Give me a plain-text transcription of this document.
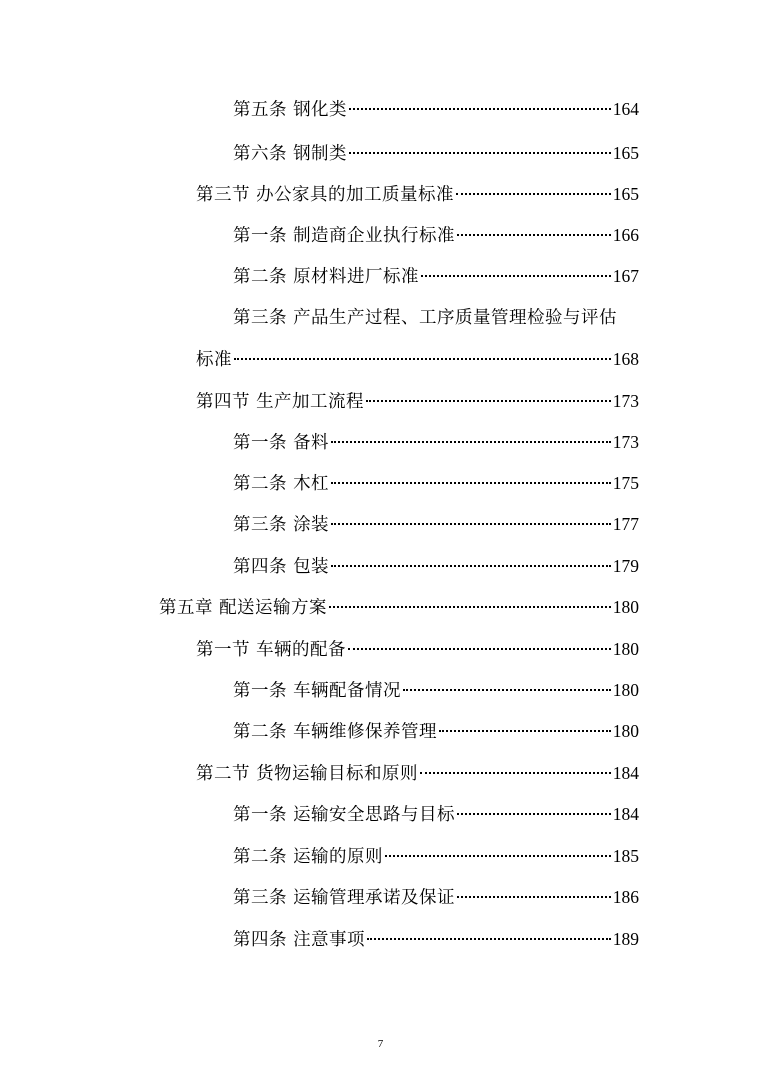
第五条 钢化类	164
第六条 钢制类	165
第三节 办公家具的加工质量标准	165
第一条 制造商企业执行标准	166
第二条 原材料进厂标准	167
第三条 产品生产过程、工序质量管理检验与评估
标准	168
第四节 生产加工流程	173
第一条 备料	173
第二条 木杠	175
第三条 涂装	177
第四条 包装	179
第五章 配送运输方案	180
第一节 车辆的配备	180
第一条 车辆配备情况	180
第二条 车辆维修保养管理	180
第二节 货物运输目标和原则	184
第一条 运输安全思路与目标	184
第二条 运输的原则	185
第三条 运输管理承诺及保证	186
第四条 注意事项	189
7
